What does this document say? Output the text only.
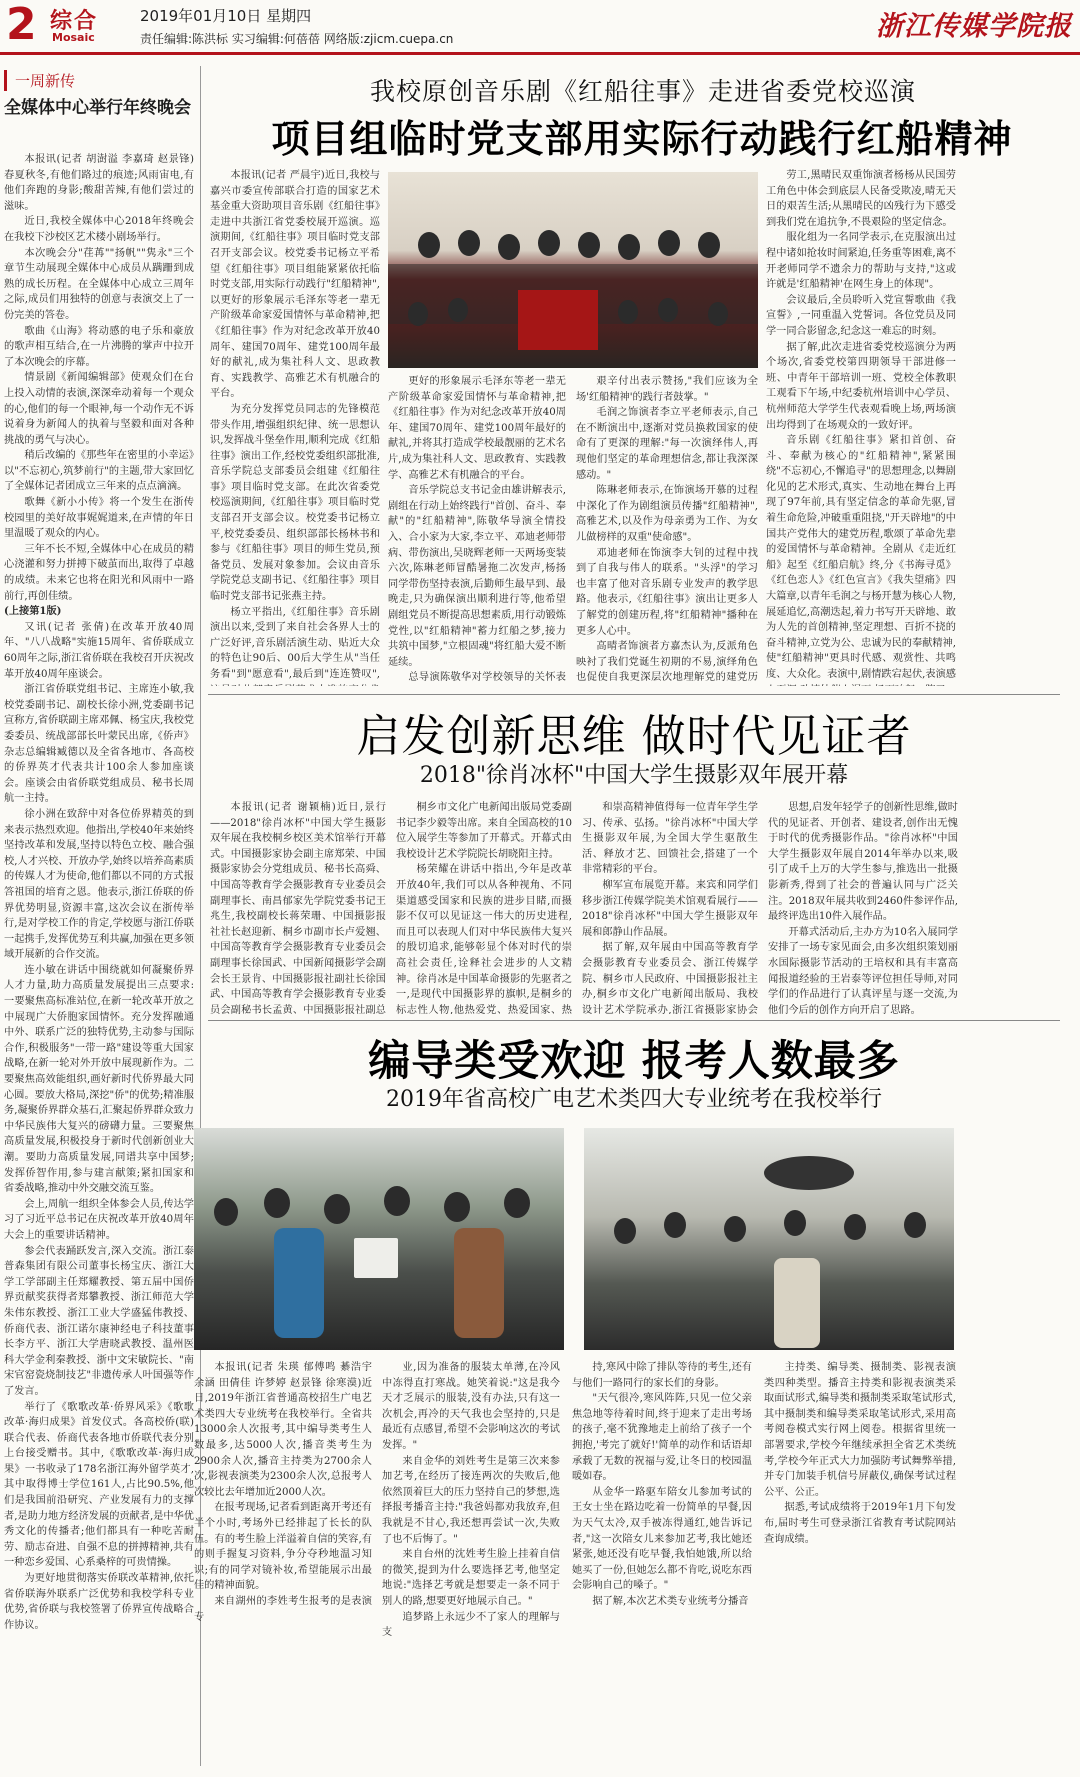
2 综合
Mosaic
2019年01月10日 星期四
责任编辑:陈洪标 实习编辑:何蓓蓓 网络版:zjicm.cuepa.cn	浙江传媒学院报
一周新传
全媒体中心举行年终晚会

本报讯(记者 胡澍溢 李嘉琦 赵景锋)春夏秋冬,有他们路过的痕迹;风雨宙电,有他们奔跑的身影;酸甜苦辣,有他们尝过的滋味。

近日,我校全媒体中心2018年终晚会在我校下沙校区艺术楼小剧场举行。

本次晚会分"荏苒""扬帆""隽永"三个章节生动展现全媒体中心成员从蹒跚到成熟的成长历程。在全媒体中心成立三周年之际,成员们用独特的创意与表演交上了一份完美的答卷。

歌曲《山海》将动感的电子乐和豪放的歌声相互结合,在一片沸腾的掌声中拉开了本次晚会的序幕。

情景剧《新闻编辑部》使观众们在台上投入动情的表演,深深牵动着每一个观众的心,他们的每一个眼神,每一个动作无不诉说着身为新闻人的执着与坚毅和面对各种挑战的勇气与决心。

稍后改编的《那些年在密里的小幸运》以"不忘初心,筑梦前行"的主题,带大家回忆了全媒体记者团成立三年来的点点滴滴。

歌舞《新小小传》将一个发生在浙传校园里的美好故事娓娓道来,在声情的年日里温暖了观众的内心。

三年不长不短,全媒体中心在成员的精心浇灌和努力拼搏下破茧而出,取得了卓越的成绩。未来它也将在阳光和风雨中一路前行,再创佳绩。

(上接第1版)

又讯(记者 张倩)在改革开放40周年、"八八战略"实施15周年、省侨联成立60周年之际,浙江省侨联在我校召开庆祝改革开放40周年座谈会。

浙江省侨联党组书记、主席连小敏,我校党委副书记、副校长徐小洲,党委副书记宣称方,省侨联副主席邓佩、杨宝庆,我校党委委员、统战部部长叶蒙民出席,《侨声》杂志总编辑臧德以及全省各地市、各高校的侨界英才代表共计100余人参加座谈会。座谈会由省侨联党组成员、秘书长周航一主持。

徐小洲在致辞中对各位侨界精英的到来表示热烈欢迎。他指出,学校40年来始终坚持改革和发展,坚持以特色立校、融合强校,人才兴校、开放办学,始终以培养高素质的传媒人才为使命,他们都以不同的方式报答祖国的培育之恩。他表示,浙江侨联的侨界优势明显,资源丰富,这次会议在浙传举行,是对学校工作的肯定,学校愿与浙江侨联一起携手,发挥优势互利共赢,加强在更多领域开展新的合作交流。

连小敏在讲话中围绕就如何凝聚侨界人才力量,助力高质量发展提出三点要求:一要聚焦高标准站位,在新一轮改革开放之中展现广大侨胞家国情怀。充分发挥融通中外、联系广泛的独特优势,主动参与国际合作,积极服务"一带一路"建设等重大国家战略,在新一轮对外开放中展现新作为。二要聚焦高效能组织,画好新时代侨界最大同心圆。要放大格局,深挖"侨"的优势;精准服务,凝聚侨界群众基石,汇聚起侨界群众致力中华民族伟大复兴的磅礴力量。三要聚焦高质量发展,积极投身于新时代创新创业大潮。要助力高质量发展,同谱共享中国梦;发挥侨智作用,参与建言献策;紧扣国家和省委战略,推动中外交融交流互鉴。

会上,周航一组织全体参会人员,传达学习了习近平总书记在庆祝改革开放40周年大会上的重要讲话精神。

参会代表踊跃发言,深入交流。浙江泰普森集团有限公司董事长杨宝庆、浙江大学工学部副主任郑耀教授、第五届中国侨界贡献奖获得者郑攀教授、浙江师范大学朱伟东教授、浙江工业大学盛猛伟教授、侨商代表、浙江诺尔康神经电子科技董事长李方平、浙江大学唐晓武教授、温州医科大学金利秦教授、浙中文宋敏院长、"南宋官窑瓷烧制技艺"非遗传承人叶国强等作了发言。

举行了《歌歌改革·侨界风采》《歌歌改革·海归成果》首发仪式。各高校侨(联)联合代表、侨商代表各地市侨联代表分别上台接受赠书。其中,《歌歌改革·海归成果》一书收录了178名浙江海外留学英才,其中取得博士学位161人,占比90.5%,他们是我国前沿研究、产业发展有力的支撑者,是助力地方经济发展的贡献者,是中华优秀文化的传播者;他们都具有一种吃苦耐劳、励志奋进、自强不息的拼搏精神,共有一种恋乡爱国、心系桑梓的可贵情操。

为更好地贯彻落实侨联改革精神,依托省侨联海外联系广泛优势和我校学科专业优势,省侨联与我校签署了侨界宣传战略合作协议。

我校原创音乐剧《红船往事》走进省委党校巡演
项目组临时党支部用实际行动践行红船精神

本报讯(记者 严晨宇)近日,我校与嘉兴市委宣传部联合打造的国家艺术基金重大资助项目音乐剧《红船往事》走进中共浙江省党委校展开巡演。巡演期间,《红船往事》项目临时党支部召开支部会议。校党委书记杨立平希望《红船往事》项目组能紧紧依托临时党支部,用实际行动践行"红船精神",以更好的形象展示毛泽东等老一辈无产阶级革命家爱国情怀与革命精神,把《红船往事》作为对纪念改革开放40周年、建国70周年、建党100周年最好的献礼,成为集社科人文、思政教育、实践教学、高雅艺术有机融合的平台。

为充分发挥党员同志的先锋模范带头作用,增强组织纪律、统一思想认识,发挥战斗堡垒作用,顺利完成《红船往事》演出工作,经校党委组织部批准,音乐学院总支部委员会组建《红船往事》项目临时党支部。在此次省委党校巡演期间,《红船往事》项目临时党支部召开支部会议。校党委书记杨立平,校党委委员、组织部部长杨林书和参与《红船往事》项目的师生党员,预备党员、发展对象参加。会议由音乐学院党总支副书记、《红船往事》项目临时党支部书记张燕主持。

杨立平指出,《红船往事》音乐剧演出以来,受到了来自社会各界人士的广泛好评,音乐剧活演生动、贴近大众的特色让90后、00后大学生从"当任务看"到"愿意看",最后到"连连赞叹",

更好的形象展示毛泽东等老一辈无产阶级革命家爱国情怀与革命精神,把《红船往事》作为对纪念改革开放40周年、建国70周年、建党100周年最好的献礼,并将其打造成学校最靓丽的艺术名片,成为集社科人文、思政教育、实践教学、高雅艺术有机融合的平台。

音乐学院总支书记金由雄讲解表示,剧组在行动上始终践行"首创、奋斗、奉献"的"红船精神",陈敬华导演全情投入、合小家为大家,李立平、邓迪老师带病、带伤演出,吴晓辉老师一天两场变装六次,陈琳老师冒酷暑拖二次发声,杨扬同学带伤坚持表演,后勤师生最早到、最晚走,只为确保演出顺利进行等,他希望剧组党员不断提高思想素质,用行动锻炼党性,以"红船精神"蓄力红船之梦,接力共筑中国梦,"立根固魂"将红船大爱不断延续。

总导演陈敬华对学校领导的关怀表

艰辛付出表示赞扬,"我们应该为全场'红船精神'的践行者鼓掌。"

毛润之饰演者李立平老师表示,自己在不断演出中,逐渐对党员换救国家的使命有了更深的理解:"每一次演绎伟人,再现他们坚定的革命理想信念,都让我深深感动。"

陈琳老师表示,在饰演场开慕的过程中深化了作为剧组演员传播"红船精神",高雅艺术,以及作为母亲勇为工作、为女儿做榜样的双重"使命感"。

邓迪老师在饰演李大钊的过程中找到了自我与伟人的联系。"头浮"的学习也丰富了他对音乐剧专业发声的教学思路。他表示,《红船往事》演出让更多人了解党的创建历程,将"红船精神"播种在更多人心中。

高晴者饰演者方嘉杰认为,反派角色映衬了我们党诞生初期的不易,演绎角色也促使自我更深层次地理解党的建党历

劳工,黑晴民双重饰演者杨杨从民国劳工角色中体会到底层人民备受欺凌,晴无天日的艰苦生活;从黑晴民的凶残行为下感受到我们党在追抗争,不畏艰险的坚定信念。

服化组为一名同学表示,在克服演出过程中诸如抢妆时间紧迫,任务重等困难,离不开老师同学不遗余力的帮助与支持,"这或许就是'红船精神'在网生身上的体现"。

会议最后,全员聆听入党宣誓歌曲《我宣誓》,一同重温入党誓词。各位党员及同学一同合影留念,纪念这一难忘的时刻。

据了解,此次走进省委党校巡演分为两个场次,省委党校第四期领导干部进修一班、中青年干部培训一班、党校全体教职工观看下午场,中纪委杭州培训中心学员、杭州师范大学学生代表观看晚上场,两场演出均得到了在场观众的一致好评。

音乐剧《红船往事》紧扣首创、奋斗、奉献为核心的"红船精神",紧紧围绕"不忘初心,不懈追寻"的思想理念,以舞剧化见的艺术形式,真实、生动地在舞台上再现了97年前,具有坚定信念的革命先驱,冒着生命危险,冲破重重阻挠,"开天辟地"的中国共产党伟大的建党历程,歌颂了革命先辈的爱国情怀与革命精神。全剧从《走近红船》起至《红船启航》终,分《书海寻觅》《红色恋人》《红色宣言》《我失望痛》四大篇章,以青年毛润之与杨开慧为核心人物,展延追忆,高潮迭起,着力书写开天辟地、敢为人先的首创精神,坚定理想、百折不挠的奋斗精神,立党为公、忠诚为民的奉献精神,使"红船精神"更具时代感、观赏性、共鸣度、大众化。表演中,剧情跌宕起伏,表演感

启发创新思维 做时代见证者
2018"徐肖冰杯"中国大学生摄影双年展开幕

本报讯(记者 谢颖楠)近日,景行——2018"徐肖冰杯"中国大学生摄影双年展在我校桐乡校区美术馆举行开幕式。中国摄影家协会副主席郑荣、中国摄影家协会分党组成员、秘书长高舜、中国高等教育学会摄影教育专业委员会副理事长、南昌郁家先学院党委书记王兆生,我校副校长蒋荣珊、中国摄影报社社长赵迎新、桐乡市副市长卢爱翘、中国高等教育学会摄影教育专业委员会副理事长徐国武、中国新闻摄影学会副会长王景肯、中国摄影报社副社长徐国武、中国高等教育学会摄影教育专业委员会副秘书长孟黄、中国摄影报社副总

桐乡市文化广电新闻出版局党委副书记李少毅等出席。来自全国高校的10位入展学生等参加了开幕式。开幕式由我校设计艺术学院院长胡晓阳主持。

杨荣耀在讲话中指出,今年是改革开放40年,我们可以从各种视角、不同渠道感受国家和民族的进步目睹,而摄影不仅可以见证这一伟大的历史进程,而且可以表现人们对中华民族伟大复兴的殷切追求,能够彰显个体对时代的崇高社会责任,诠释社会进步的人文精神。徐肖冰是中国革命摄影的先驱者之一,是现代中国摄影界的旗帜,是桐乡的标志性人物,他热爱党、热爱国家、热

和崇高精神值得每一位青年学生学习、传承、弘扬。"徐肖冰杯"中国大学生摄影双年展,为全国大学生驱散生活、释放才艺、回馈社会,搭建了一个非常精彩的平台。

柳军宣布展览开幕。来宾和同学们移步浙江传媒学院美术馆观看展行——2018"徐肖冰杯"中国大学生摄影双年展和郎静山作品展。

据了解,双年展由中国高等教育学会摄影教育专业委员会、浙江传媒学院、桐乡市人民政府、中国摄影报社主办,桐乡市文化广电新闻出版局、我校设计艺术学院承办,浙江省摄影家协会

思想,启发年轻学子的创新性思维,做时代的见证者、开创者、建设者,创作出无愧于时代的优秀摄影作品。"徐肖冰杯"中国大学生摄影双年展自2014年举办以来,吸引了成千上万的大学生参与,推选出一批摄影新秀,得到了社会的普遍认同与广泛关注。2018双年展共收到2460件参评作品,最终评选出10件入展作品。

开幕式活动后,主办方为10名入展同学安排了一场专家见面会,由多次组织策划丽水国际摄影节活动的王培权和具有丰富高闻报道经验的王岩泰等评位担任导师,对同学们的作品进行了认真评星与逐一交流,为他们今后的创作方向开启了思路。

编导类受欢迎 报考人数最多
2019年省高校广电艺术类四大专业统考在我校举行

本报讯(记者 朱瑛 郁傅鸣 綦浩宇 余涵 田倩佳 许梦婷 赵景锋 徐寒漠)近日,2019年浙江省普通高校招生广电艺术类四大专业统考在我校举行。全省共13000余人次报考,其中编导类考生人数最多,达5000人次,播音类考生为2900余人次,播音主持类为2700余人次,影视表演类为2300余人次,总报考人次较比去年增加近2000人次。

在报考现场,记者看到距离开考还有半个小时,考场外已经排起了长长的队伍。有的考生脸上洋溢着自信的笑容,有的则手握复习资料,争分夺秒地温习知识;有的同学对镜补妆,希望能展示出最佳的精神面貌。

来自湖州的李姓考生报考的是表演专

业,因为准备的服装太单薄,在冷风中冻得直打寒战。她笑着说:"这是我今天才乏展示的服装,没有办法,只有这一次机会,再冷的天气我也会坚持的,只是最近有点感冒,希望不会影响这次的考试发挥。"

来自金华的刘姓考生是第三次来参加艺考,在经历了接连两次的失败后,他依然顶着巨大的压力坚持自己的梦想,选择报考播音主持:"我爸妈都劝我放弃,但我就是不甘心,我还想再尝试一次,失败了也不后悔了。"

来自台州的沈姓考生脸上挂着自信的微笑,提到为什么要选择艺考,他坚定地说:"选择艺考就是想要走一条不同于别人的路,想要更好地展示自己。"

追梦路上永远少不了家人的理解与支

持,寒风中除了排队等待的考生,还有与他们一路同行的家长们的身影。

"天气很冷,寒风阵阵,只见一位父亲焦急地等待着时间,终于迎来了走出考场的孩子,毫不犹豫地走上前给了孩子一个拥抱,'考完了就好!'简单的动作和话语却承载了无数的祝福与爱,让冬日的校园温暖如春。

从金华一路驱车陪女儿参加考试的王女士坐在路边吃着一份简单的早餐,因为天气太冷,双手被冻得通红,她告诉记者,"这一次陪女儿来参加艺考,我比她还紧张,她还没有吃早餐,我怕她饿,所以给她买了一份,但她怎么都不肯吃,说吃东西会影响自己的嗓子。"

据了解,本次艺术类专业统考分播音

主持类、编导类、摄制类、影视表演类四种类型。播音主持类和影视表演类采取面试形式,编导类和摄制类采取笔试形式,其中摄制类和编导类采取笔试形式,采用高考阅卷模式实行网上阅卷。根据省里统一部署要求,学校今年继续承担全省艺术类统考,学校今年正式大力加强防考试舞弊举措,并专门加装手机信号屏蔽仪,确保考试过程公平、公正。

据悉,考试成绩将于2019年1月下旬发布,届时考生可登录浙江省教育考试院网站查询成绩。
